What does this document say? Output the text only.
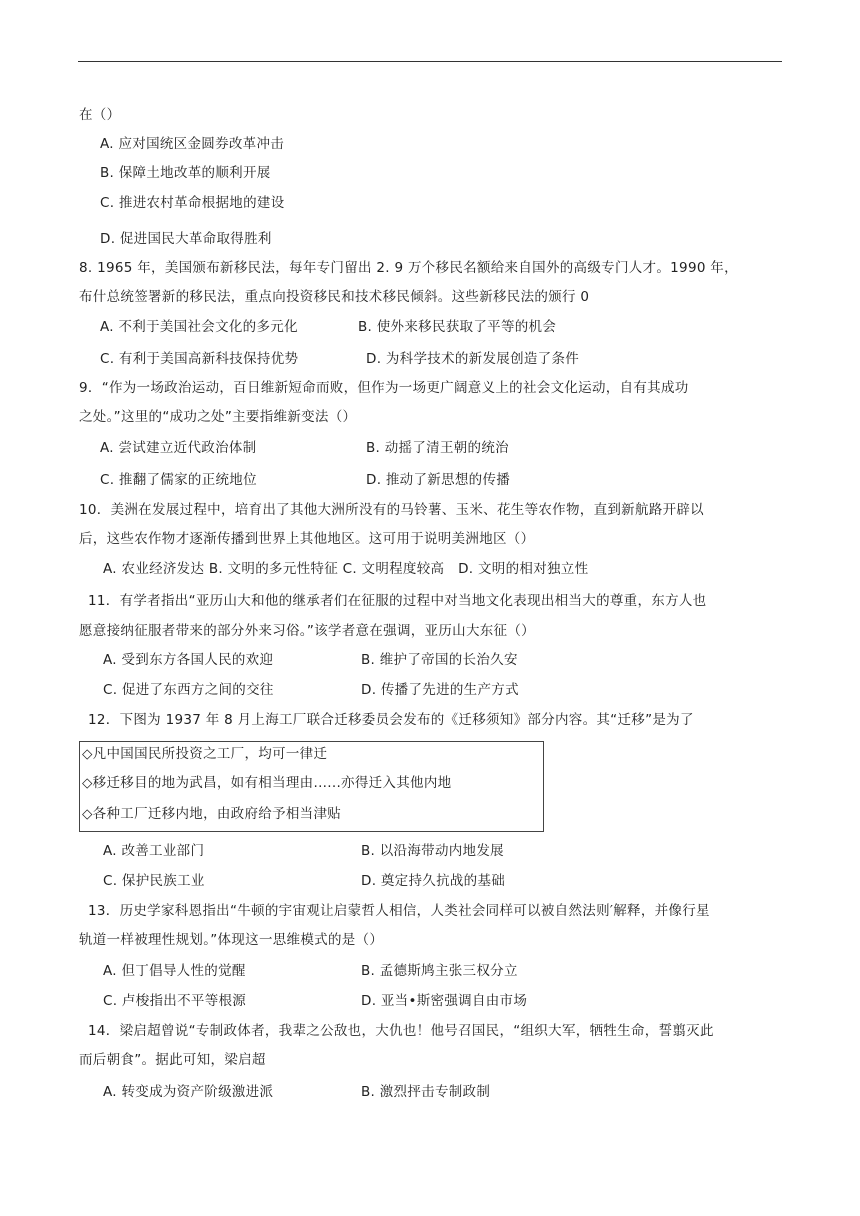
在（）
A. 应对国统区金圆券改革冲击
B. 保障土地改革的顺利开展
C. 推进农村革命根据地的建设
D. 促进国民大革命取得胜利
8. 1965 年，美国颁布新移民法，每年专门留出 2. 9 万个移民名额给来自国外的高级专门人才。1990 年，
布什总统签署新的移民法，重点向投资移民和技术移民倾斜。这些新移民法的颁行 0
A. 不利于美国社会文化的多元化	B. 使外来移民获取了平等的机会
C. 有利于美国高新科技保持优势	D. 为科学技术的新发展创造了条件
9．“作为一场政治运动，百日维新短命而败，但作为一场更广阔意义上的社会文化运动，自有其成功
之处。”这里的“成功之处”主要指维新变法（）
A. 尝试建立近代政治体制	B. 动摇了清王朝的统治
C. 推翻了儒家的正统地位	D. 推动了新思想的传播
10．美洲在发展过程中，培育出了其他大洲所没有的马铃薯、玉米、花生等农作物，直到新航路开辟以
后，这些农作物才逐渐传播到世界上其他地区。这可用于说明美洲地区（）
A. 农业经济发达 B. 文明的多元性特征 C. 文明程度较高　D. 文明的相对独立性
11．有学者指出“亚历山大和他的继承者们在征服的过程中对当地文化表现出相当大的尊重，东方人也
愿意接纳征服者带来的部分外来习俗。”该学者意在强调，亚历山大东征（）
A. 受到东方各国人民的欢迎	B. 维护了帝国的长治久安
C. 促进了东西方之间的交往	D. 传播了先进的生产方式
12．下图为 1937 年 8 月上海工厂联合迁移委员会发布的《迁移须知》部分内容。其“迁移”是为了
◇凡中国国民所投资之工厂，均可一律迁
◇移迁移目的地为武昌，如有相当理由......亦得迁入其他内地
◇各种工厂迁移内地，由政府给予相当津贴
A. 改善工业部门	B. 以沿海带动内地发展
C. 保护民族工业	D. 奠定持久抗战的基础
13．历史学家科恩指出“牛顿的宇宙观让启蒙哲人相信，人类社会同样可以被自然法则′解释，并像行星
轨道一样被理性规划。”体现这一思维模式的是（）
A. 但丁倡导人性的觉醒	B. 孟德斯鸠主张三权分立
C. 卢梭指出不平等根源	D. 亚当•斯密强调自由市场
14．梁启超曾说“专制政体者，我辈之公敌也，大仇也！他号召国民，“组织大军，牺牲生命，誓翦灭此
而后朝食”。据此可知，梁启超
A. 转变成为资产阶级激进派	B. 激烈抨击专制政制
